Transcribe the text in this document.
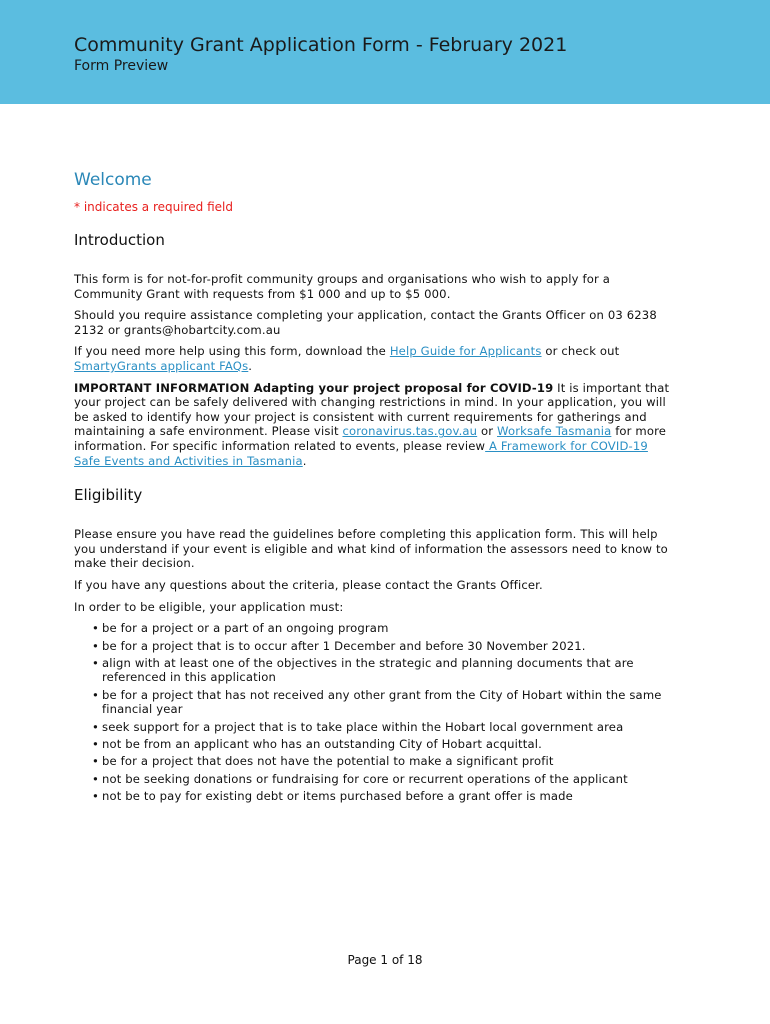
Community Grant Application Form - February 2021
Form Preview
Welcome
* indicates a required field
Introduction

This form is for not-for-profit community groups and organisations who wish to apply for a Community Grant with requests from $1 000 and up to $5 000.

Should you require assistance completing your application, contact the Grants Officer on 03 6238 2132 or grants@hobartcity.com.au

If you need more help using this form, download the Help Guide for Applicants or check out SmartyGrants applicant FAQs.

IMPORTANT INFORMATION Adapting your project proposal for COVID-19 It is important that your project can be safely delivered with changing restrictions in mind. In your application, you will be asked to identify how your project is consistent with current requirements for gatherings and maintaining a safe environment. Please visit coronavirus.tas.gov.au or Worksafe Tasmania for more information. For specific information related to events, please review A Framework for COVID-19 Safe Events and Activities in Tasmania.

Eligibility

Please ensure you have read the guidelines before completing this application form. This will help you understand if your event is eligible and what kind of information the assessors need to know to make their decision.

If you have any questions about the criteria, please contact the Grants Officer.

In order to be eligible, your application must:

• be for a project or a part of an ongoing program
• be for a project that is to occur after 1 December and before 30 November 2021.
• align with at least one of the objectives in the strategic and planning documents that are referenced in this application
• be for a project that has not received any other grant from the City of Hobart within the same financial year
• seek support for a project that is to take place within the Hobart local government area
• not be from an applicant who has an outstanding City of Hobart acquittal.
• be for a project that does not have the potential to make a significant profit
• not be seeking donations or fundraising for core or recurrent operations of the applicant
• not be to pay for existing debt or items purchased before a grant offer is made
Page 1 of 18
